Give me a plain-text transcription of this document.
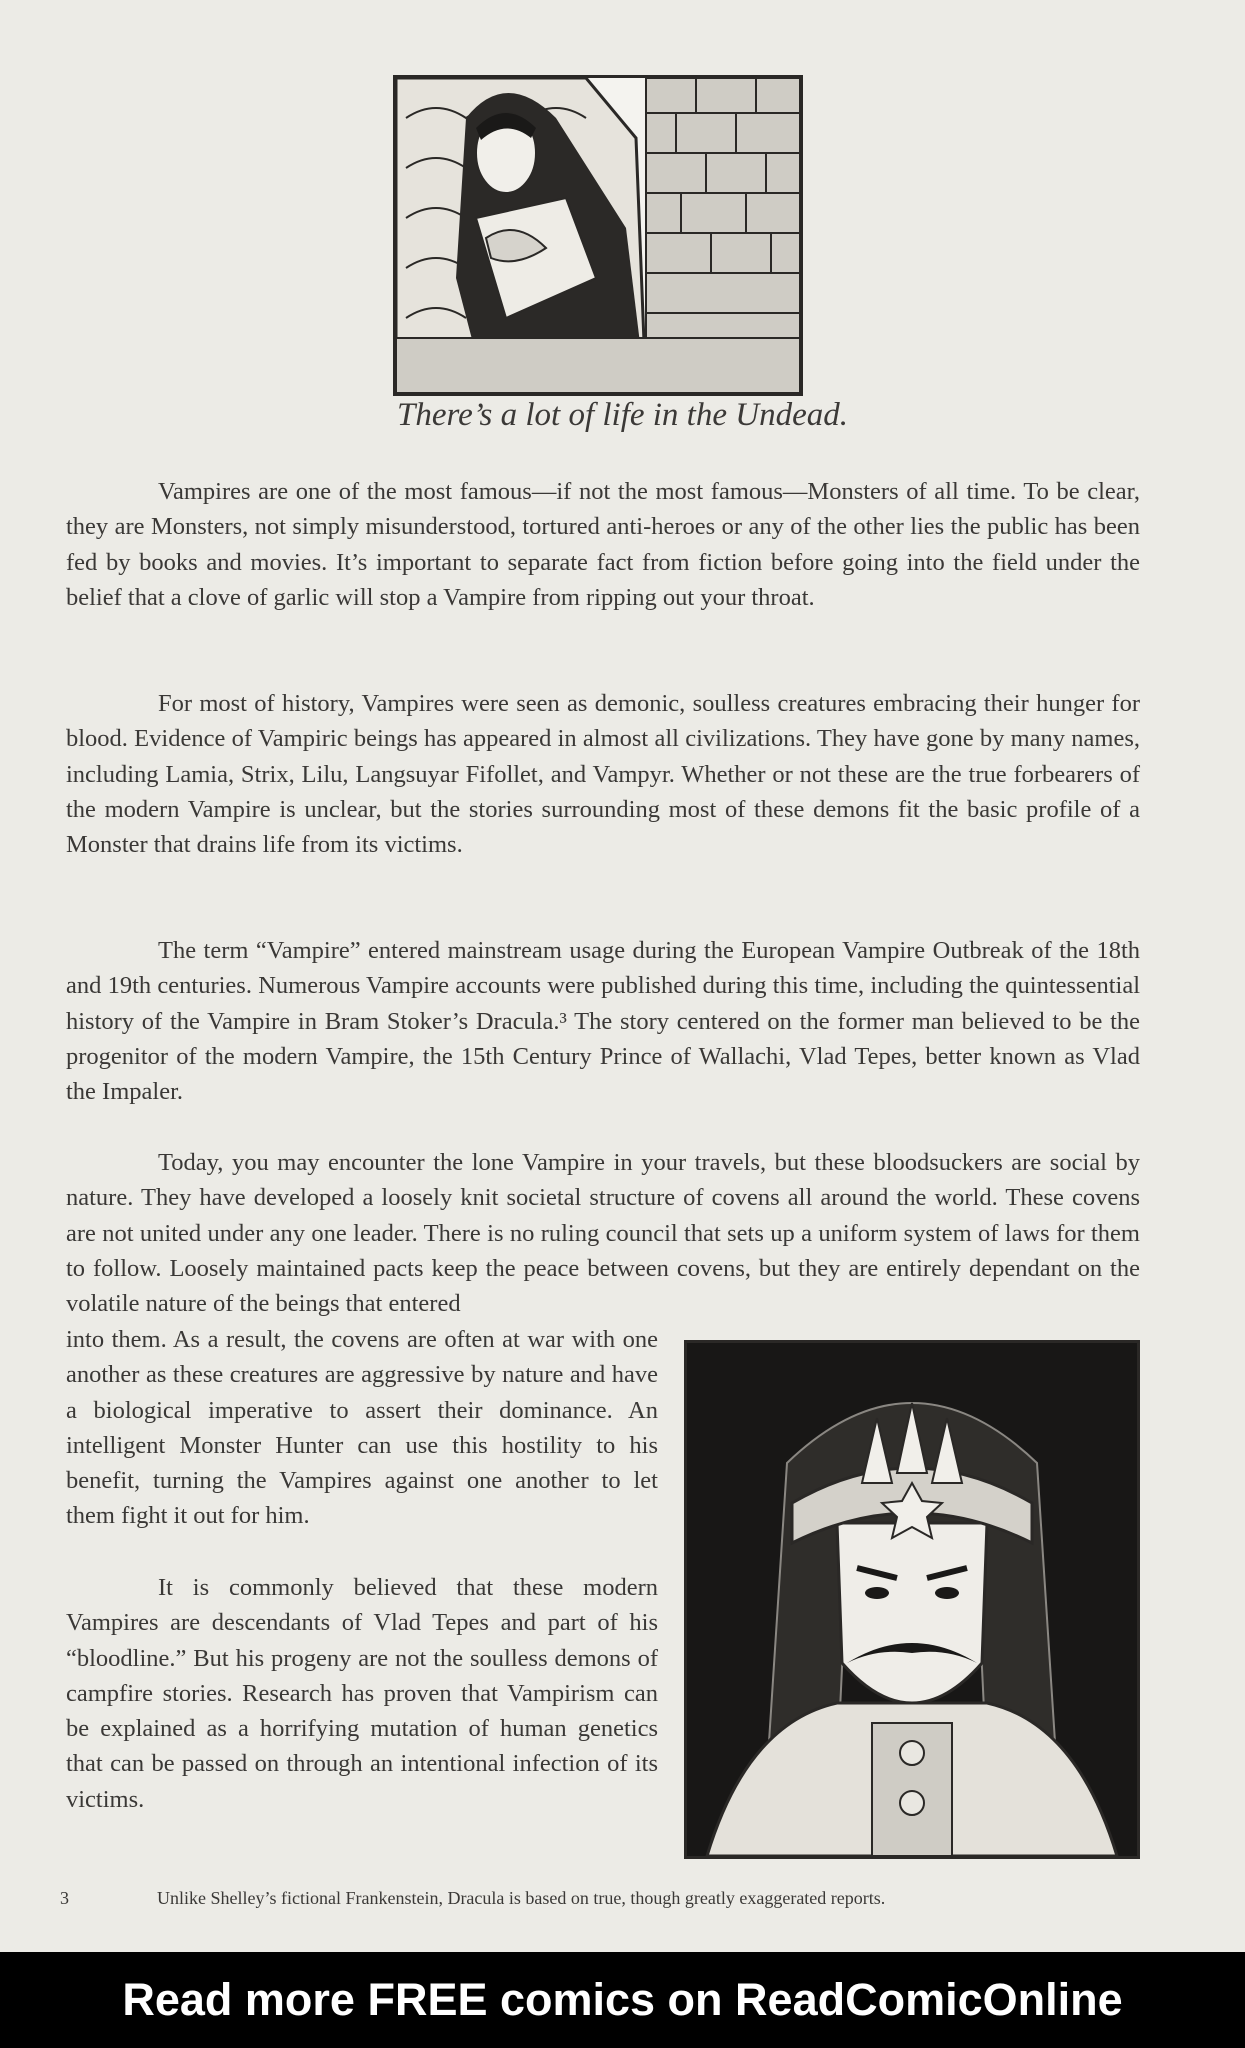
There’s a lot of life in the Undead.

Vampires are one of the most famous—if not the most famous—Monsters of all time. To be clear, they are Monsters, not simply misunderstood, tortured anti-heroes or any of the other lies the public has been fed by books and movies. It’s important to separate fact from fiction before going into the field under the belief that a clove of garlic will stop a Vampire from ripping out your throat.

For most of history, Vampires were seen as demonic, soulless creatures embracing their hunger for blood. Evidence of Vampiric beings has appeared in almost all civilizations. They have gone by many names, including Lamia, Strix, Lilu, Langsuyar Fifollet, and Vampyr. Whether or not these are the true forbearers of the modern Vampire is unclear, but the stories surrounding most of these demons fit the basic profile of a Monster that drains life from its victims.

The term “Vampire” entered mainstream usage during the European Vampire Outbreak of the 18th and 19th centuries. Numerous Vampire accounts were published during this time, including the quintessential history of the Vampire in Bram Stoker’s Dracula.³ The story centered on the former man believed to be the progenitor of the modern Vampire, the 15th Century Prince of Wallachi, Vlad Tepes, better known as Vlad the Impaler.

Today, you may encounter the lone Vampire in your travels, but these bloodsuckers are social by nature. They have developed a loosely knit societal structure of covens all around the world. These covens are not united under any one leader. There is no ruling council that sets up a uniform system of laws for them to follow. Loosely maintained pacts keep the peace between covens, but they are entirely dependant on the volatile nature of the beings that entered

into them. As a result, the covens are often at war with one another as these creatures are aggressive by nature and have a biological imperative to assert their dominance. An intelligent Monster Hunter can use this hostility to his benefit, turning the Vampires against one another to let them fight it out for him.

It is commonly believed that these modern Vampires are descendants of Vlad Tepes and part of his “bloodline.” But his progeny are not the soulless demons of campfire stories. Research has proven that Vampirism can be explained as a horrifying mutation of human genetics that can be passed on through an intentional infection of its victims.

3	Unlike Shelley’s fictional Frankenstein, Dracula is based on true, though greatly exaggerated reports.
Read more FREE comics on ReadComicOnline
